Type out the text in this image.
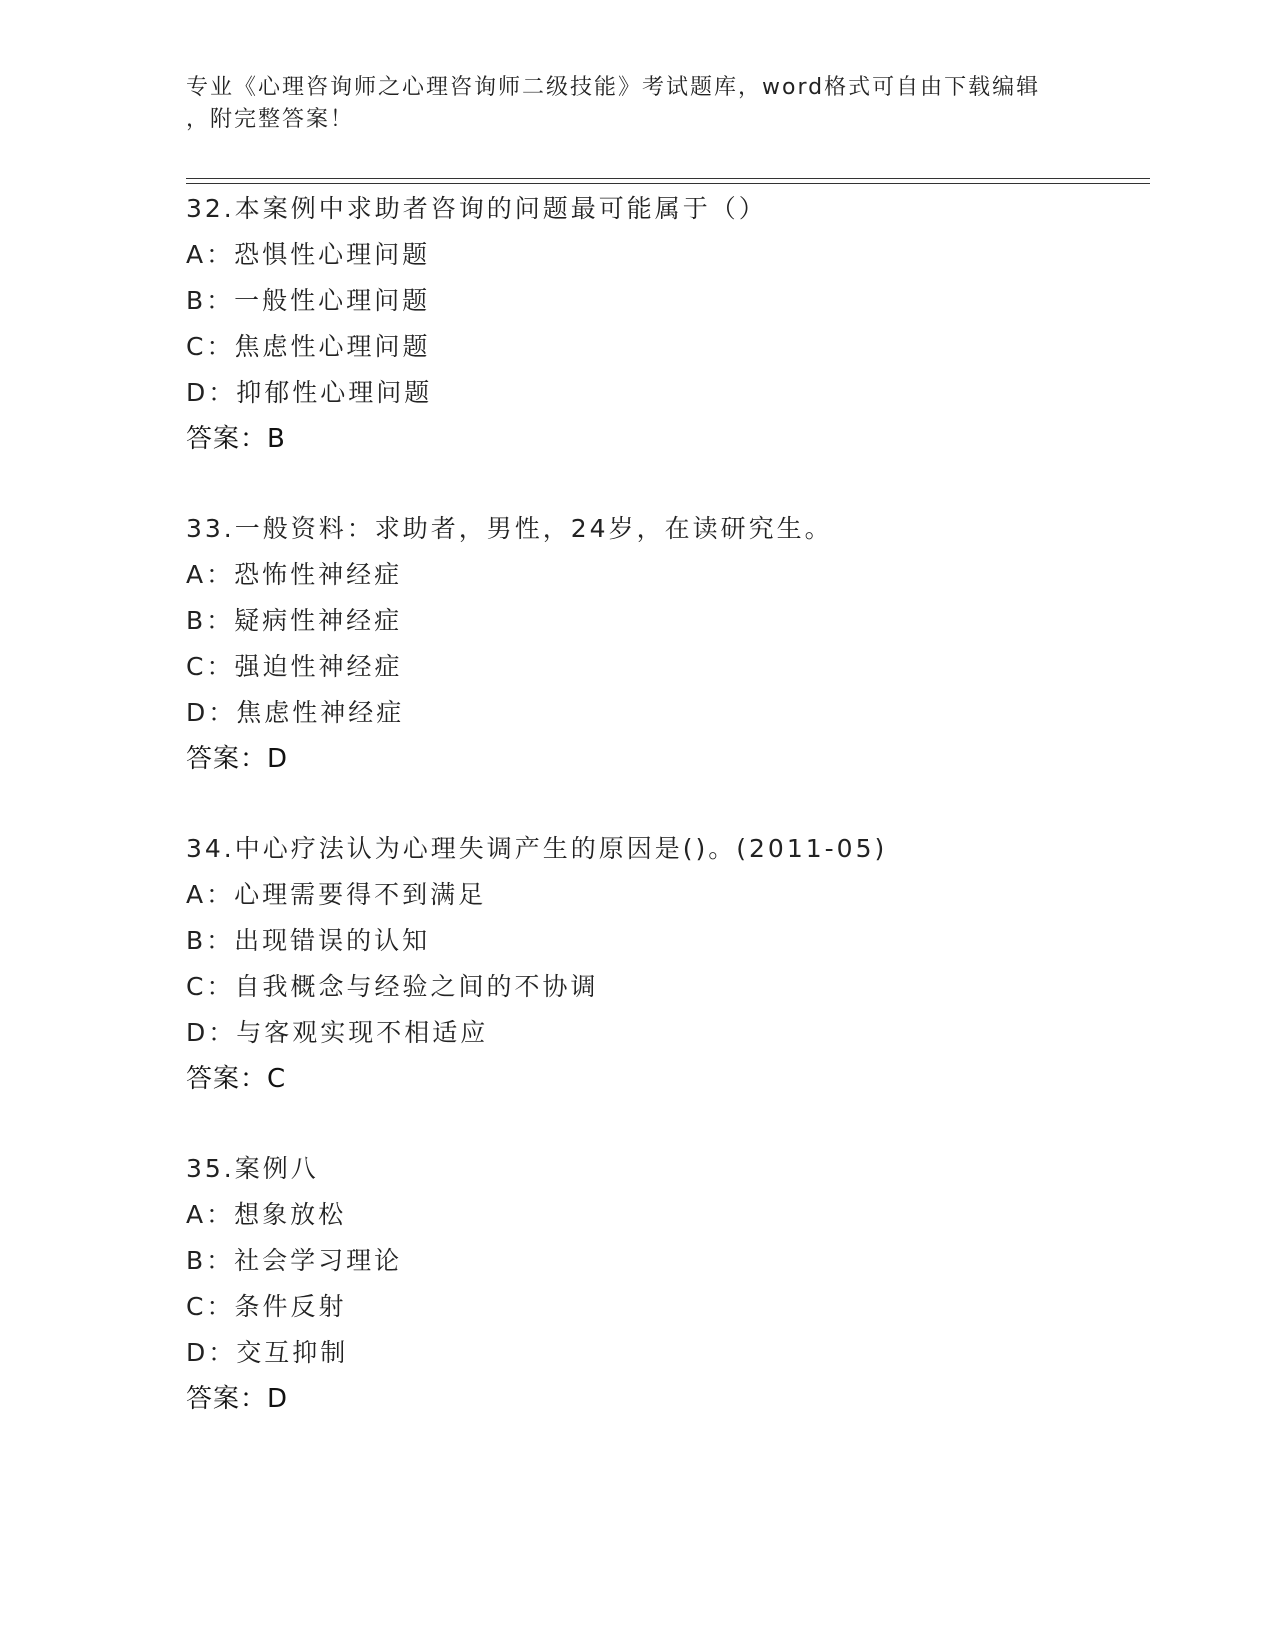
专业《心理咨询师之心理咨询师二级技能》考试题库，word格式可自由下载编辑
，附完整答案！
32.本案例中求助者咨询的问题最可能属于（）
A：恐惧性心理问题
B：一般性心理问题
C：焦虑性心理问题
D：抑郁性心理问题
答案：B
33.一般资料：求助者，男性，24岁，在读研究生。
A：恐怖性神经症
B：疑病性神经症
C：强迫性神经症
D：焦虑性神经症
答案：D
34.中心疗法认为心理失调产生的原因是()。(2011-05)
A：心理需要得不到满足
B：出现错误的认知
C：自我概念与经验之间的不协调
D：与客观实现不相适应
答案：C
35.案例八
A：想象放松
B：社会学习理论
C：条件反射
D：交互抑制
答案：D
